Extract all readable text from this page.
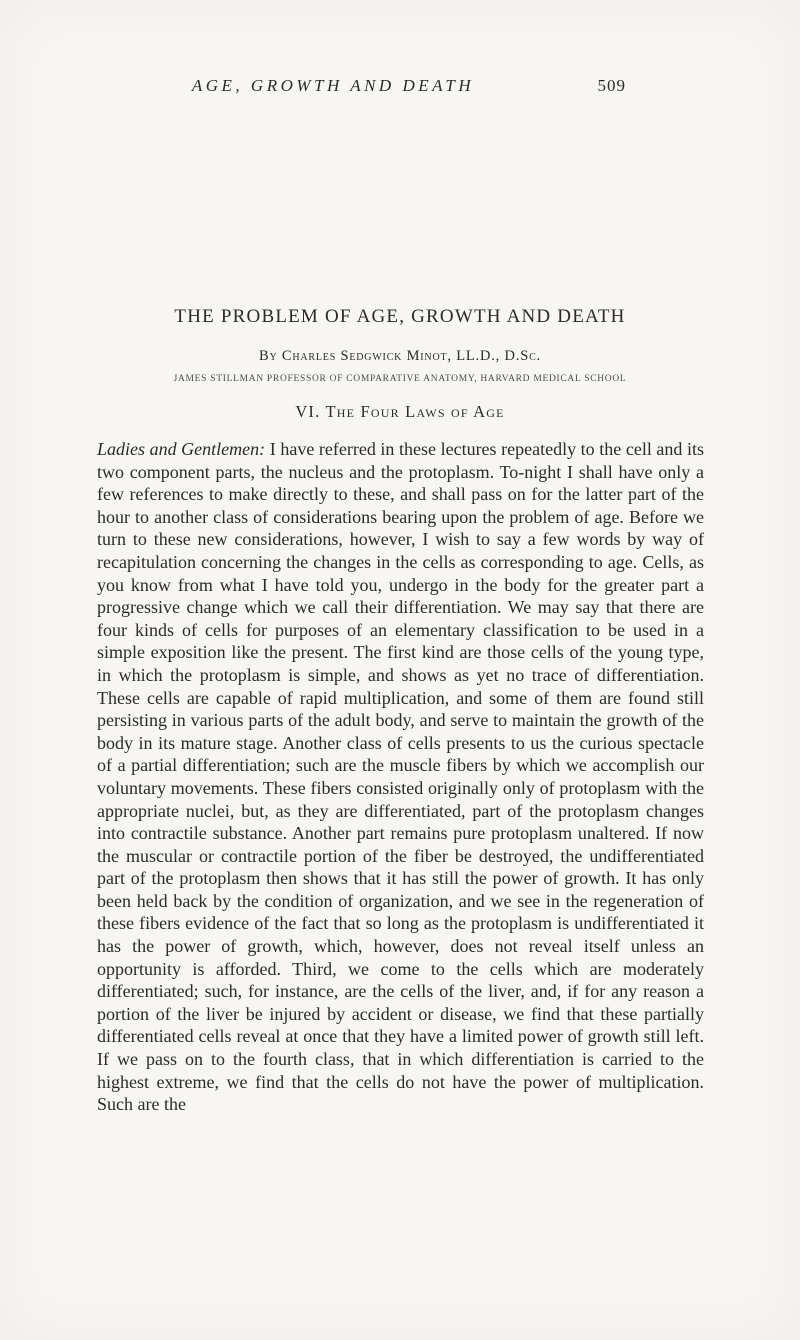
AGE, GROWTH AND DEATH	509
THE PROBLEM OF AGE, GROWTH AND DEATH
By Charles Sedgwick Minot, LL.D., D.Sc.
JAMES STILLMAN PROFESSOR OF COMPARATIVE ANATOMY, HARVARD MEDICAL SCHOOL
VI. The Four Laws of Age

Ladies and Gentlemen: I have referred in these lectures repeatedly to the cell and its two component parts, the nucleus and the protoplasm. To-night I shall have only a few references to make directly to these, and shall pass on for the latter part of the hour to another class of considerations bearing upon the problem of age. Before we turn to these new considerations, however, I wish to say a few words by way of recapitulation concerning the changes in the cells as corresponding to age. Cells, as you know from what I have told you, undergo in the body for the greater part a progressive change which we call their differentiation. We may say that there are four kinds of cells for purposes of an elementary classification to be used in a simple exposition like the present. The first kind are those cells of the young type, in which the protoplasm is simple, and shows as yet no trace of differentiation. These cells are capable of rapid multiplication, and some of them are found still persisting in various parts of the adult body, and serve to maintain the growth of the body in its mature stage. Another class of cells presents to us the curious spectacle of a partial differentiation; such are the muscle fibers by which we accomplish our voluntary movements. These fibers consisted originally only of protoplasm with the appropriate nuclei, but, as they are differentiated, part of the protoplasm changes into contractile substance. Another part remains pure protoplasm unaltered. If now the muscular or contractile portion of the fiber be destroyed, the undifferentiated part of the protoplasm then shows that it has still the power of growth. It has only been held back by the condition of organization, and we see in the regeneration of these fibers evidence of the fact that so long as the protoplasm is undifferentiated it has the power of growth, which, however, does not reveal itself unless an opportunity is afforded. Third, we come to the cells which are moderately differentiated; such, for instance, are the cells of the liver, and, if for any reason a portion of the liver be injured by accident or disease, we find that these partially differentiated cells reveal at once that they have a limited power of growth still left. If we pass on to the fourth class, that in which differentiation is carried to the highest extreme, we find that the cells do not have the power of multiplication. Such are the
